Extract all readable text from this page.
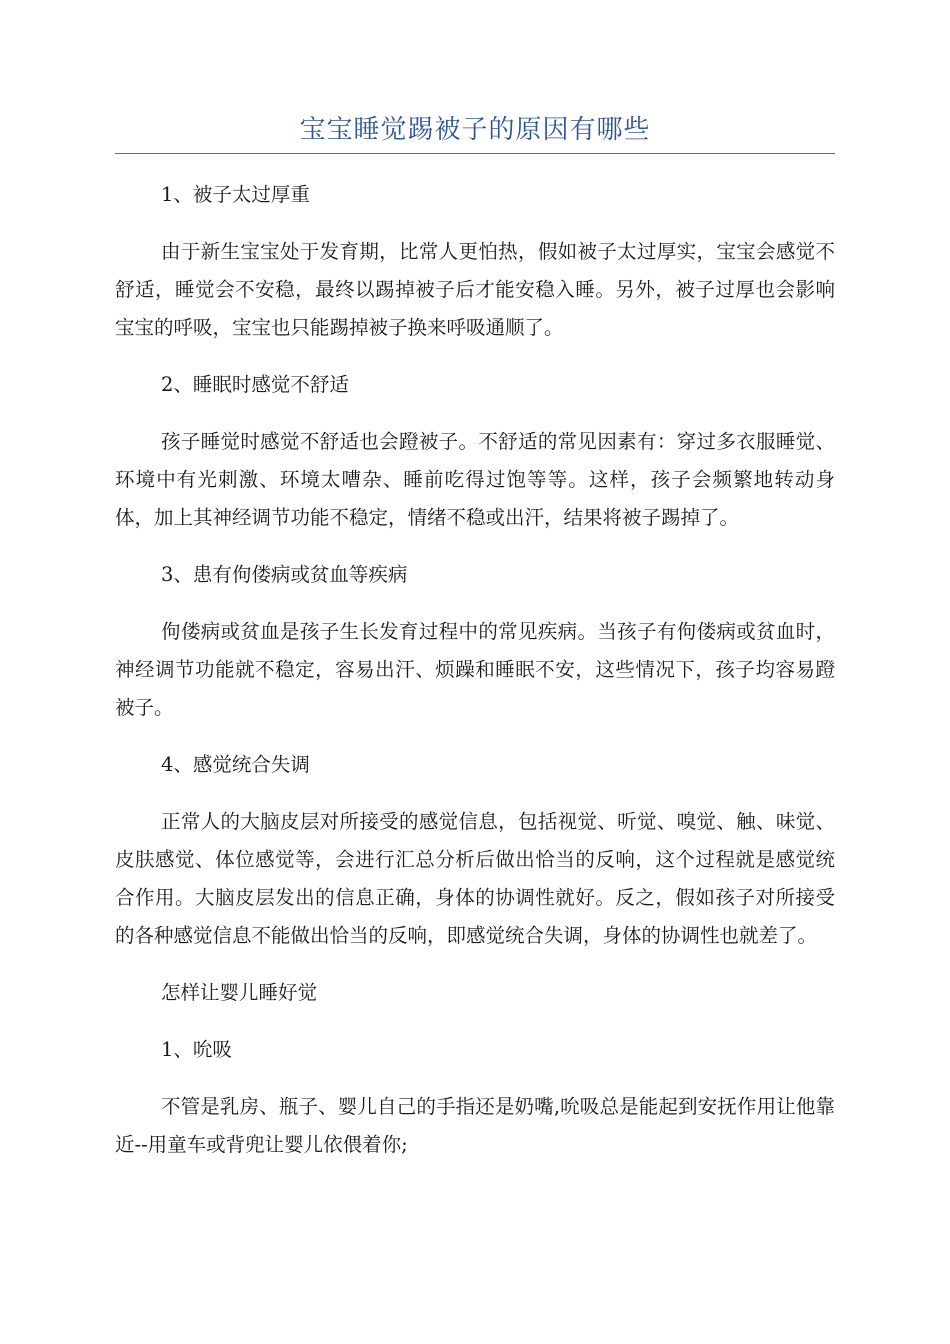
宝宝睡觉踢被子的原因有哪些

1、被子太过厚重

由于新生宝宝处于发育期，比常人更怕热，假如被子太过厚实，宝宝会感觉不舒适，睡觉会不安稳，最终以踢掉被子后才能安稳入睡。另外，被子过厚也会影响宝宝的呼吸，宝宝也只能踢掉被子换来呼吸通顺了。

2、睡眠时感觉不舒适

孩子睡觉时感觉不舒适也会蹬被子。不舒适的常见因素有：穿过多衣服睡觉、环境中有光刺激、环境太嘈杂、睡前吃得过饱等等。这样，孩子会频繁地转动身体，加上其神经调节功能不稳定，情绪不稳或出汗，结果将被子踢掉了。

3、患有佝偻病或贫血等疾病

佝偻病或贫血是孩子生长发育过程中的常见疾病。当孩子有佝偻病或贫血时，神经调节功能就不稳定，容易出汗、烦躁和睡眠不安，这些情况下，孩子均容易蹬被子。

4、感觉统合失调

正常人的大脑皮层对所接受的感觉信息，包括视觉、听觉、嗅觉、触、味觉、皮肤感觉、体位感觉等，会进行汇总分析后做出恰当的反响，这个过程就是感觉统合作用。大脑皮层发出的信息正确，身体的协调性就好。反之，假如孩子对所接受的各种感觉信息不能做出恰当的反响，即感觉统合失调，身体的协调性也就差了。

怎样让婴儿睡好觉

1、吮吸

不管是乳房、瓶子、婴儿自己的手指还是奶嘴,吮吸总是能起到安抚作用让他靠近--用童车或背兜让婴儿依偎着你;
